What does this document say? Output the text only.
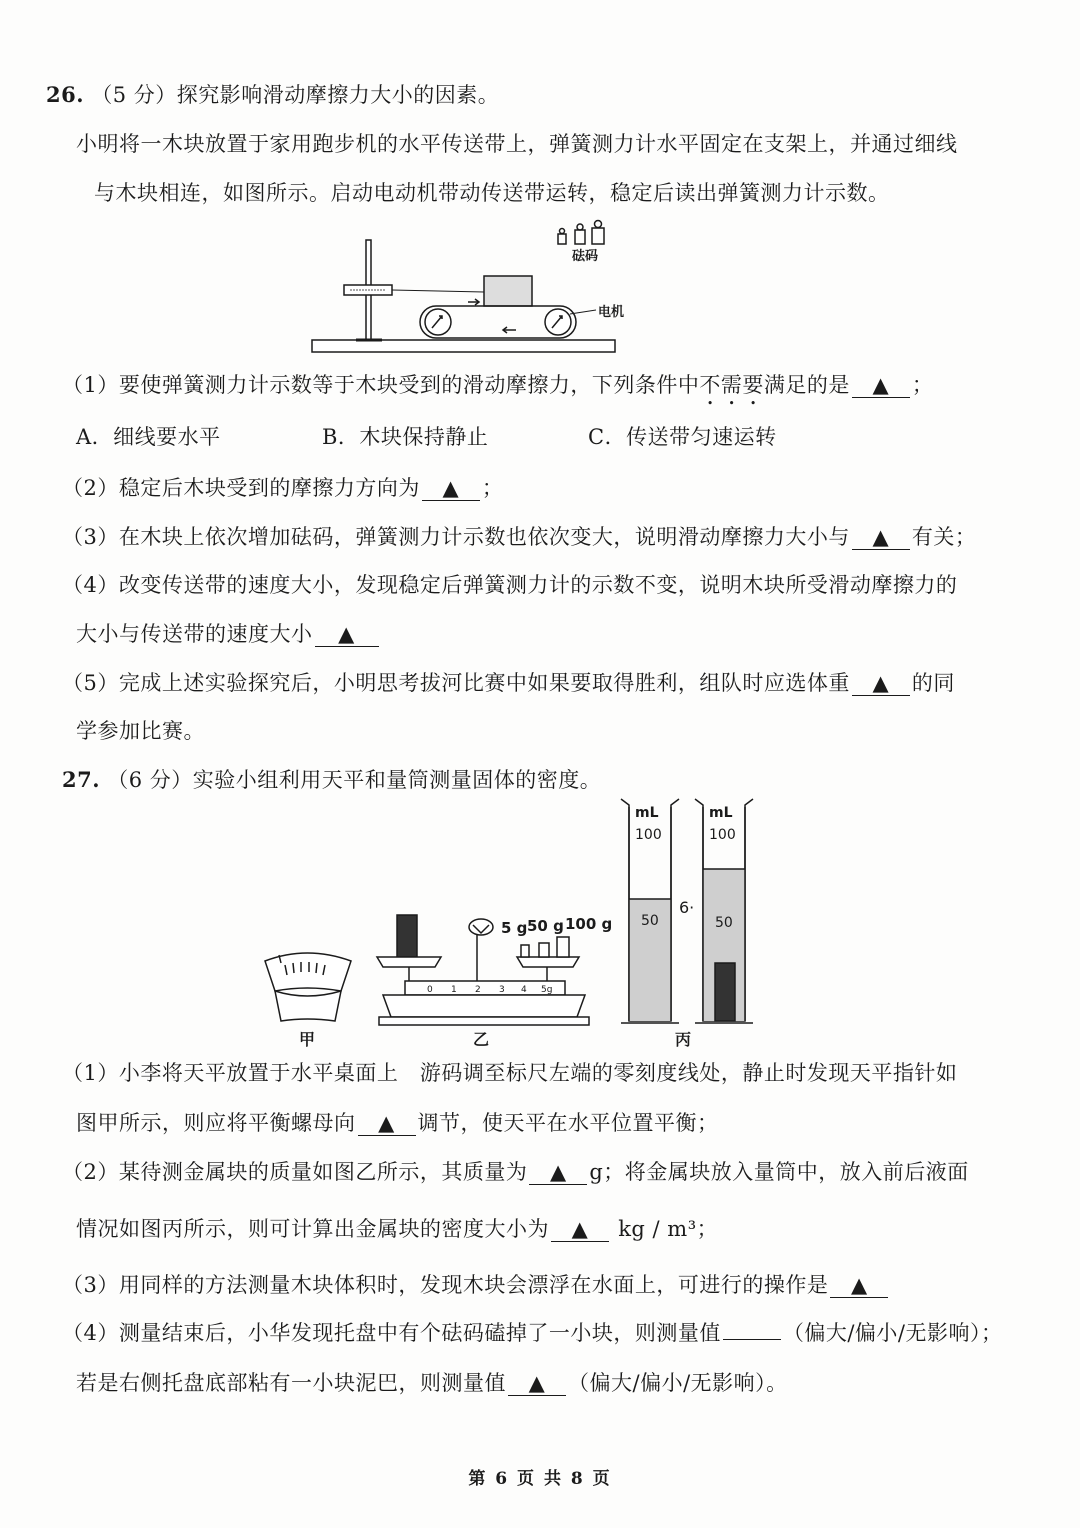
26. （5 分）探究影响滑动摩擦力大小的因素。
小明将一木块放置于家用跑步机的水平传送带上，弹簧测力计水平固定在支架上，并通过细线
与木块相连，如图所示。启动电动机带动传送带运转，稳定后读出弹簧测力计示数。
砝码
电机
（1）要使弹簧测力计示数等于木块受到的滑动摩擦力，下列条件中不需要满足的是 ▲ ；
A．细线要水平	B．木块保持静止	C．传送带匀速运转
（2）稳定后木块受到的摩擦力方向为 ▲ ；
（3）在木块上依次增加砝码，弹簧测力计示数也依次变大，说明滑动摩擦力大小与 ▲ 有关；
（4）改变传送带的速度大小，发现稳定后弹簧测力计的示数不变，说明木块所受滑动摩擦力的
大小与传送带的速度大小 ▲
（5）完成上述实验探究后，小明思考拔河比赛中如果要取得胜利，组队时应选体重 ▲ 的同
学参加比赛。
27. （6 分）实验小组利用天平和量筒测量固体的密度。
甲
0 1 2 3 4 5g
5 g 50 g 100 g
乙
mL
100
50
6·
mL
100
50
丙
（1）小李将天平放置于水平桌面上　游码调至标尺左端的零刻度线处，静止时发现天平指针如
图甲所示，则应将平衡螺母向 ▲ 调节，使天平在水平位置平衡；
（2）某待测金属块的质量如图乙所示，其质量为 ▲ g；将金属块放入量筒中，放入前后液面
情况如图丙所示，则可计算出金属块的密度大小为 ▲ kg / m³；
（3）用同样的方法测量木块体积时，发现木块会漂浮在水面上，可进行的操作是 ▲
（4）测量结束后，小华发现托盘中有个砝码磕掉了一小块，则测量值	（偏大/偏小/无影响）；
若是右侧托盘底部粘有一小块泥巴，则测量值 ▲ （偏大/偏小/无影响）。
第 6 页 共 8 页
